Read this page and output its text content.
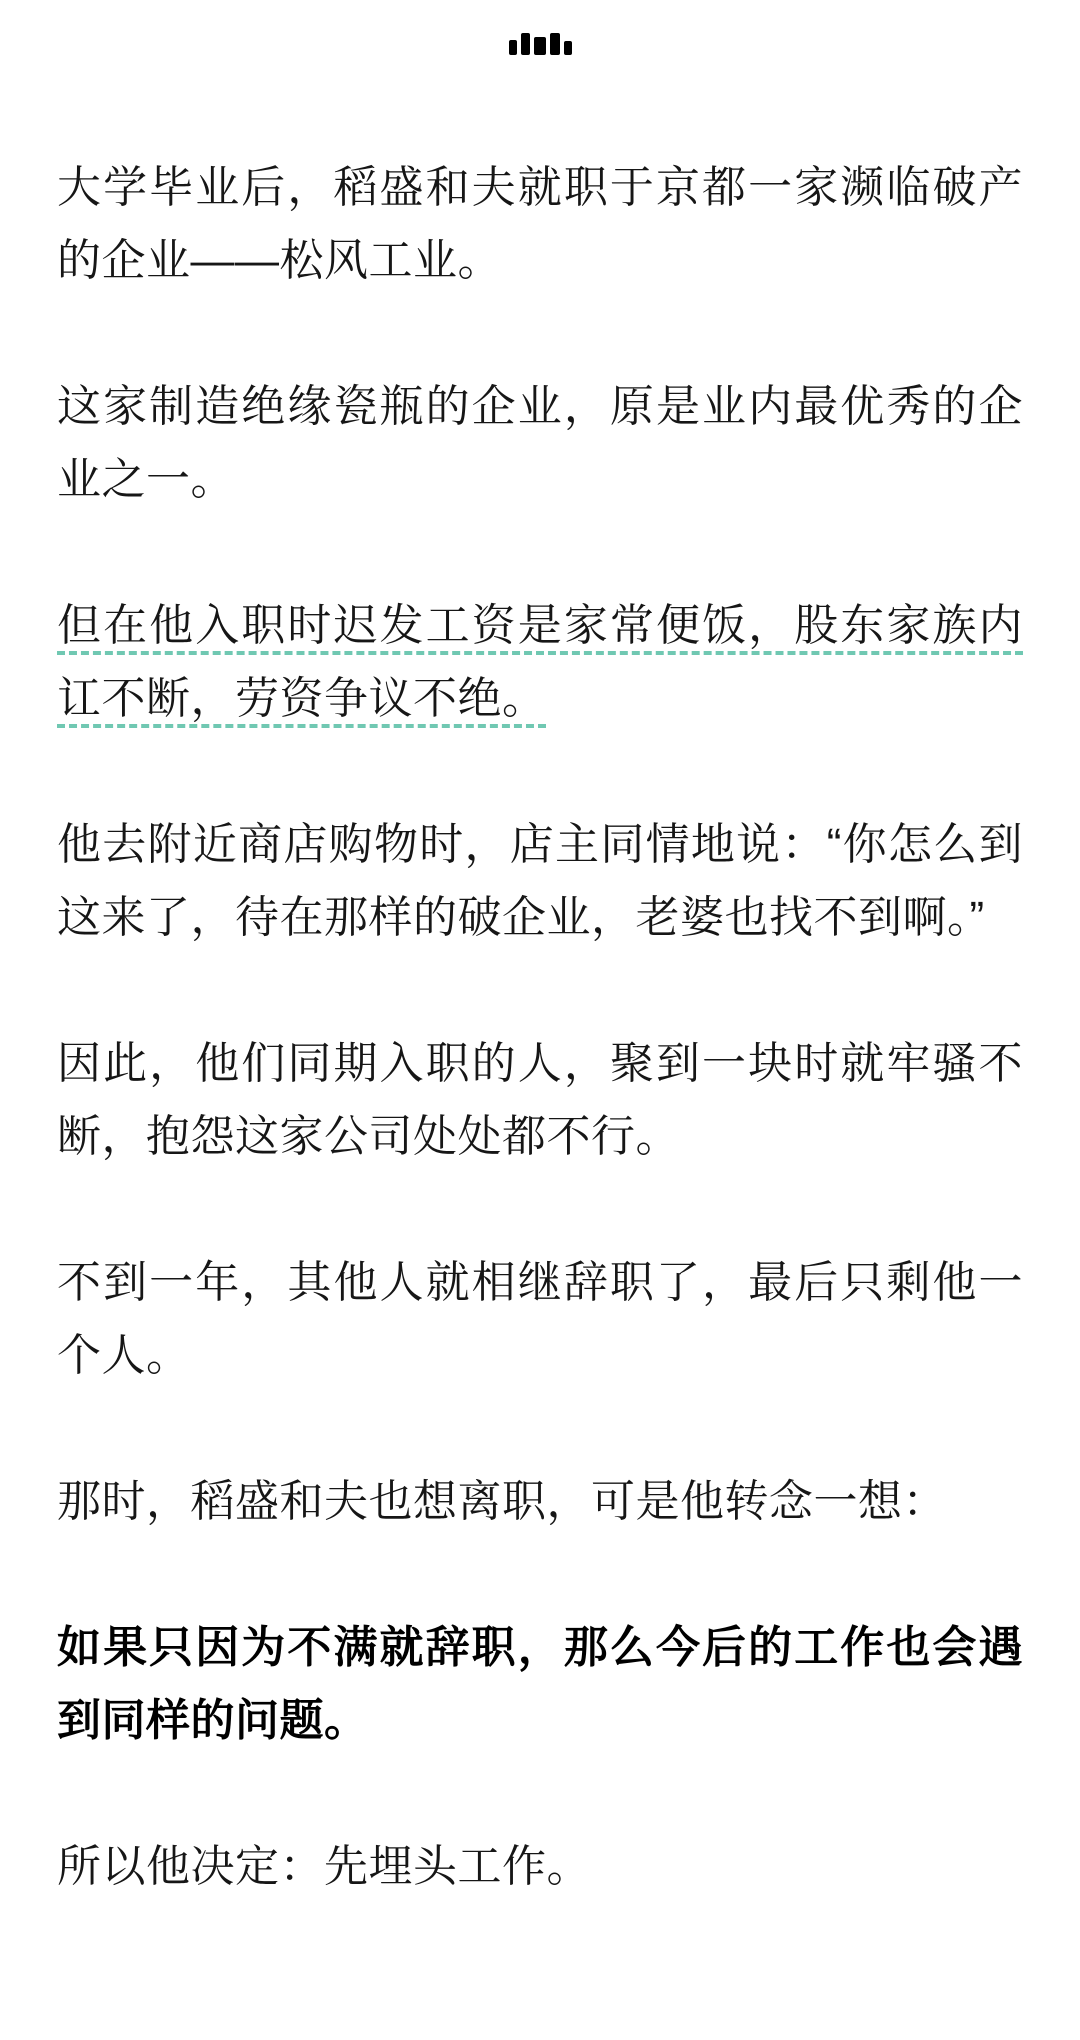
大学毕业后，稻盛和夫就职于京都一家濒临破产的企业——松风工业。

这家制造绝缘瓷瓶的企业，原是业内最优秀的企业之一。

但在他入职时迟发工资是家常便饭，股东家族内讧不断，劳资争议不绝。

他去附近商店购物时，店主同情地说：“你怎么到这来了，待在那样的破企业，老婆也找不到啊。”

因此，他们同期入职的人，聚到一块时就牢骚不断，抱怨这家公司处处都不行。

不到一年，其他人就相继辞职了，最后只剩他一个人。

那时，稻盛和夫也想离职，可是他转念一想：

如果只因为不满就辞职，那么今后的工作也会遇到同样的问题。

所以他决定：先埋头工作。
